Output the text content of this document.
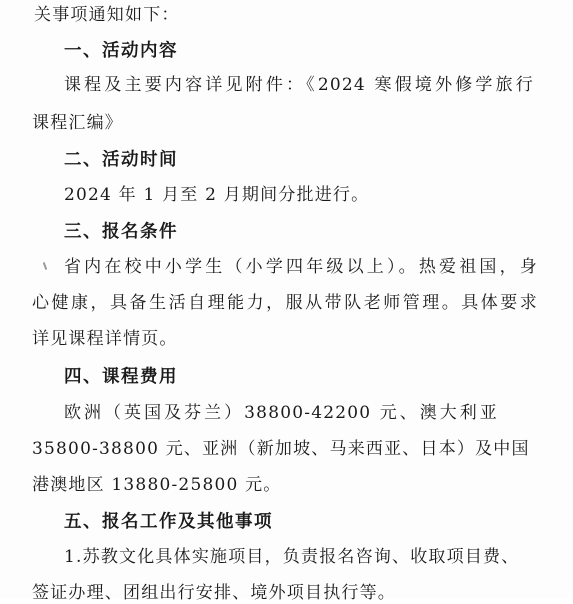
关事项通知如下：
一、活动内容
课程及主要内容详见附件：《2024 寒假境外修学旅行
课程汇编》
二、活动时间
2024 年 1 月至 2 月期间分批进行。
三、报名条件
省内在校中小学生（小学四年级以上）。热爱祖国，身
心健康，具备生活自理能力，服从带队老师管理。具体要求
详见课程详情页。
四、课程费用
欧洲（英国及芬兰）38800-42200 元、澳大利亚
35800-38800 元、亚洲（新加坡、马来西亚、日本）及中国
港澳地区 13880-25800 元。
五、报名工作及其他事项
1.苏教文化具体实施项目，负责报名咨询、收取项目费、
签证办理、团组出行安排、境外项目执行等。
